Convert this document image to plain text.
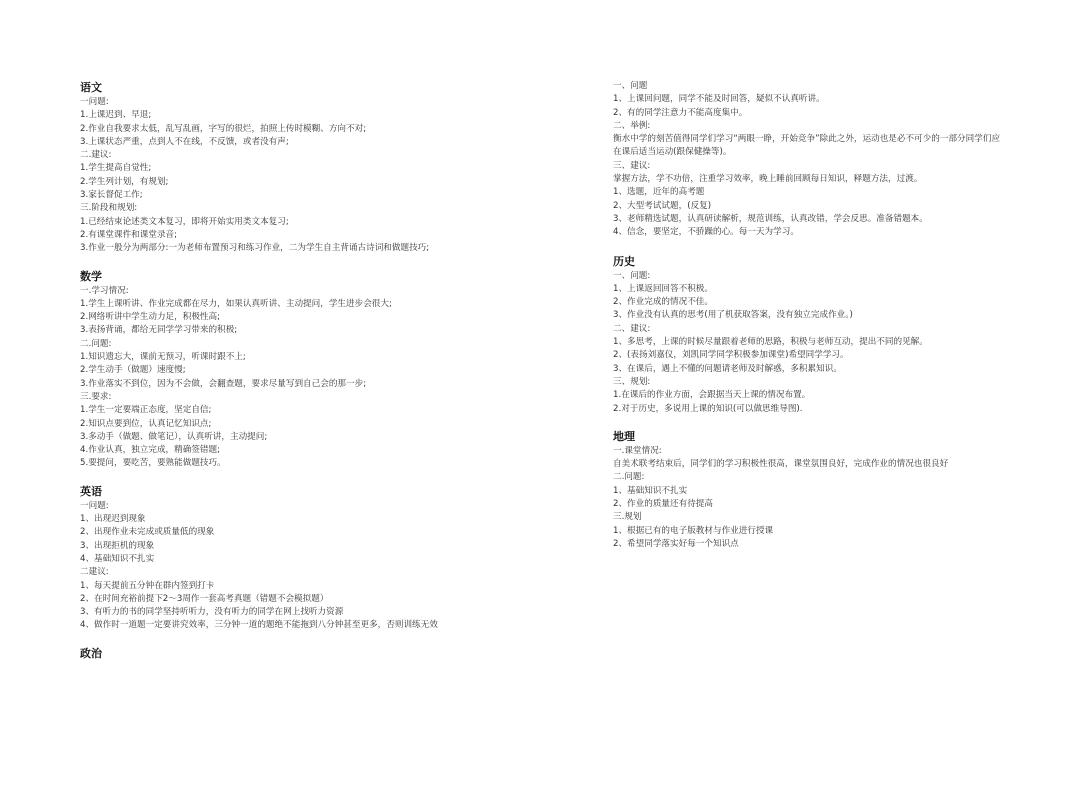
语文
一问题:
1.上课迟到、早退;
2.作业自我要求太低，乱写乱画，字写的很烂，拍照上传时模糊、方向不对;
3.上课状态严重，点到人不在线，不反馈，或者没有声;
二.建议:
1.学生提高自觉性;
2.学生列计划，有规划;
3.家长督促工作;
三.阶段和规划:
1.已经结束论述类文本复习，即将开始实用类文本复习;
2.有课堂课件和课堂录音;
3.作业一般分为两部分:一为老师布置预习和练习作业，二为学生自主背诵古诗词和做题技巧;
数学
一.学习情况:
1.学生上课听讲、作业完成都在尽力，如果认真听讲、主动提问，学生进步会很大;
2.网络听讲中学生动力足，积极性高;
3.表扬背诵，都给无同学学习带来的积极;
二.问题:
1.知识遗忘大，课前无预习，听课时跟不上;
2.学生动手（做题）速度慢;
3.作业落实不到位，因为不会做，会翻查题，要求尽量写到自己会的那一步;
三.要求:
1.学生一定要端正态度，坚定自信;
2.知识点要到位，认真记忆知识点;
3.多动手（做题、做笔记），认真听讲，主动提问;
4.作业认真，独立完成，精确签错题;
5.要提问，要吃苦，要熟能做题技巧。
英语
一问题:
1、出现迟到现象
2、出现作业未完成或质量低的现象
3、出现拒机的现象
4、基础知识不扎实
二建议:
1、每天提前五分钟在群内签到打卡
2、在时间充裕前提下2～3周作一套高考真题（错题不会模拟题）
3、有听力的书的同学坚持听听力，没有听力的同学在网上找听力资源
4、做作时一道题一定要讲究效率，三分钟一道的题绝不能拖到八分钟甚至更多，否则训练无效
政治
一、问题
1、上课回问题，同学不能及时回答，疑似不认真听讲。
2、有的同学注意力不能高度集中。
二、举例:
衡水中学的刻苦值得同学们学习“两眼一睁，开始竞争”除此之外，运动也是必不可少的一部分同学们应在课后适当运动(跟保健操等)。
三、建议:
掌握方法，学不功倍，注重学习效率，晚上睡前回顾每日知识，释题方法，过渡。
1、选题，近年的高考题
2、大型考试试题，(反复)
3、老师精选试题，认真研读解析，规范训练，认真改错，学会反思。准备错题本。
4、信念，要坚定，不骄躁的心。每一天为学习。
历史
一、问题:
1、上课返回回答不积极。
2、作业完成的情况不佳。
3、作业没有认真的思考(用了机获取答案，没有独立完成作业。)
二、建议:
1、多思考，上课的时候尽量跟着老师的思路，积极与老师互动，提出不同的见解。
2、(表扬刘嘉仪，刘凯同学同学积极参加课堂)希望同学学习。
3、在课后，遇上不懂的问题请老师及时解惑，多积累知识。
三、规划:
1.在课后的作业方面，会跟据当天上课的情况布置。
2.对于历史，多说用上课的知识(可以做思维导图).
地理
一.课堂情况:
自美术联考结束后，同学们的学习积极性很高，课堂氛围良好，完成作业的情况也很良好
二.问题:
1、基础知识不扎实
2、作业的质量还有待提高
三.规划
1、根据已有的电子版教材与作业进行授课
2、希望同学落实好每一个知识点
